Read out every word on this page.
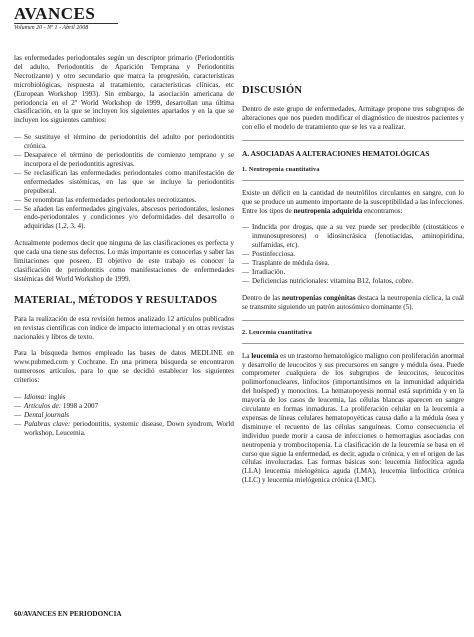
AVANCES
Volumen 20 - Nº 1 - Abril 2008

las enfermedades periodontales según un descriptor primario (Periodontitis del adulto, Periodontitis de Aparición Temprana y Periodontitis Necrotizante) y otro secundario que marca la progresión, características microbiológicas, respuesta al tratamiento, características clínicas, etc (European Workshop 1993). Sin embargo, la asociación americana de periodoncia en el 2º World Workshop de 1999, desarrollan una última clasificación, en la que se incluyen los siguientes apartados y en la que se incluyen los siguientes cambios:

— Se sustituye el término de periodontitis del adulto por periodontitis crónica.
— Desaparece el término de periodontitis de comienzo temprano y se incorpora el de periodontitis agresivas.
— Se reclasifican las enfermedades periodontales como manifestación de enfermedades sistémicas, en las que se incluye la periodontitis prepuberal.
— Se renombran las enfermedades periodontales necrotizantes.
— Se añaden las enfermedades gingivales, abscesos periodontales, lesiones endo-periodontales y condiciones y/o deformidades del desarrollo o adquiridas (1,2, 3, 4).

Actualmente podemos decir que ninguna de las clasificaciones es perfecta y que cada una tiene sus defectos. Lo más importante es conocerlas y saber las limitaciones que poseen. El objetivo de este trabajo es conocer la clasificación de periodontitis como manifestaciones de enfermedades sistémicas del World Workshop de 1999.

MATERIAL, MÉTODOS Y RESULTADOS

Para la realización de esta revisión hemos analizado 12 artículos publicados en revistas científicas con índice de impacto internacional y en otras revistas nacionales y libros de texto.

Para la búsqueda hemos empleado las bases de datos MEDLINE en www.pubmed.com y Cochrane. En una primera búsqueda se encontraron numerosos artículos, para lo que se decidió establecer los siguientes criterios:

— Idioma: inglés
— Artículos de: 1998 a 2007
— Dental journals
— Palabras clave: periodontitis, systemic disease, Down syndrom, World workshop, Leucemia.
DISCUSIÓN

Dentro de este grupo de enfermedades, Armitage propone tres subgrupos de alteraciones que nos pueden modificar el diagnóstico de nuestros pacientes y con ello el modelo de tratamiento que se les va a realizar.

A. ASOCIADAS A ALTERACIONES HEMATOLÓGICAS
1. Neutropenia cuantitativa

Existe un déficit en la cantidad de neutrófilos circulantes en sangre, con lo que se produce un aumento importante de la susceptibilidad a las infecciones. Entre los tipos de neutropenia adquirida encontramos:

— Inducida por drogas, que a su vez puede ser predecible (citostáticos e inmunosupresores) o idiosincrásica (fenotiacidas, aminopiridina, sulfamidas, etc).
— Postinfecciosa.
— Trasplante de médula ósea.
— Irradiación.
— Deficiencias nutricionales: vitamina B12, folatos, cobre.

Dentro de las neutropenias congénitas destaca la neutropenia cíclica, la cuál se transmite siguiendo un patrón autosómico dominante (5).

2. Leucemia cuantitativa

La leucemia es un trastorno hematológico maligno con proliferación anormal y desarrollo de leucocitos y sus precursores en sangre y médula ósea. Puede comprometer cualquiera de los subgrupos de leucocitos, leucocitos polimorfonucleares, linfocitos (importantísimos en la inmunidad adquirida del huésped) y monocitos. La hematopoyesis normal está suprimida y en la mayoría de los casos de leucemia, las células blancas aparecen en sangre circulante en formas inmaduras. La proliferación celular en la leucemia a expensas de líneas celulares hematopoyéticas causa daño a la médula ósea y disminuye el recuento de las células sanguíneas. Como consecuencia el individuo puede morir a causa de infecciones o hemorragias asociadas con neutropenia y trombocitopenia. La clasificación de la leucemia se basa en el curso que sigue la enfermedad, es decir, aguda o crónica, y en el origen de las células involucradas. Las formas básicas son: leucemia linfocítica aguda (LLA) leucemia mielogénica aguda (LMA), leucemia linfocítica crónica (LLC) y leucemia mielógenica crónica (LMC).

60/AVANCES EN PERIODONCIA
